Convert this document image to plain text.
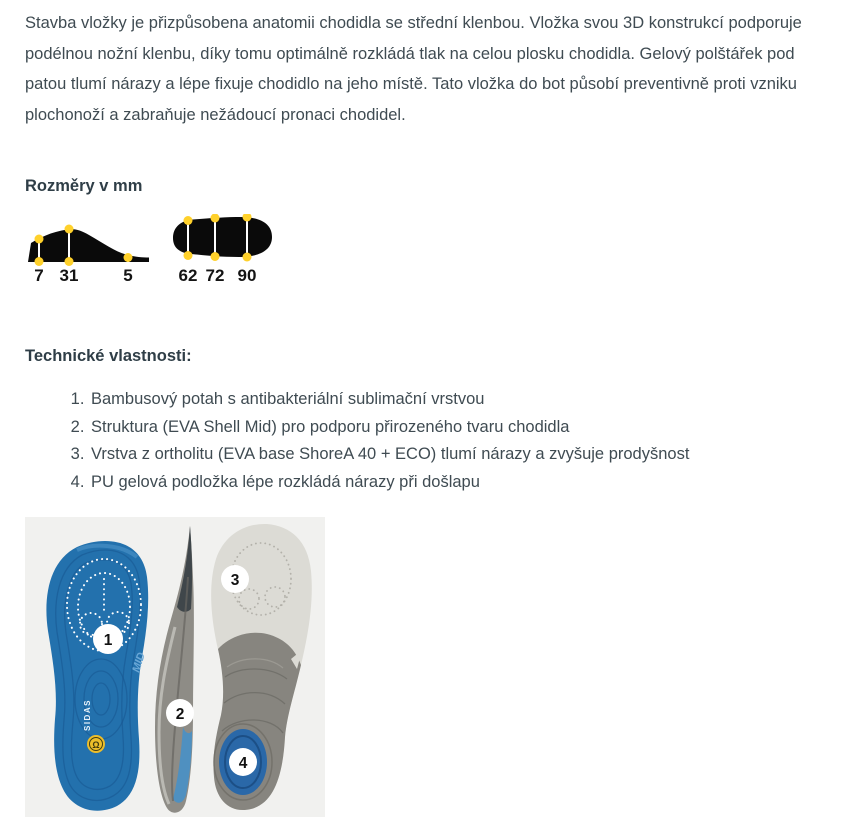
Stavba vložky je přizpůsobena anatomii chodidla se střední klenbou. Vložka svou 3D konstrukcí podporuje podélnou nožní klenbu, díky tomu optimálně rozkládá tlak na celou plosku chodidla. Gelový polštářek pod patou tlumí nárazy a lépe fixuje chodidlo na jeho místě. Tato vložka do bot působí preventivně proti vzniku plochonoží a zabraňuje nežádoucí pronaci chodidel.

Rozměry v mm
7 31	5	62 72 90
Technické vlastnosti:
1. Bambusový potah s antibakteriální sublimační vrstvou
2. Struktura (EVA Shell Mid) pro podporu přirozeného tvaru chodidla
3. Vrstva z ortholitu (EVA base ShoreA 40 + ECO) tlumí nárazy a zvyšuje prodyšnost
4. PU gelová podložka lépe rozkládá nárazy při došlapu
MID
SIDAS
Ω
1
2
3
4
